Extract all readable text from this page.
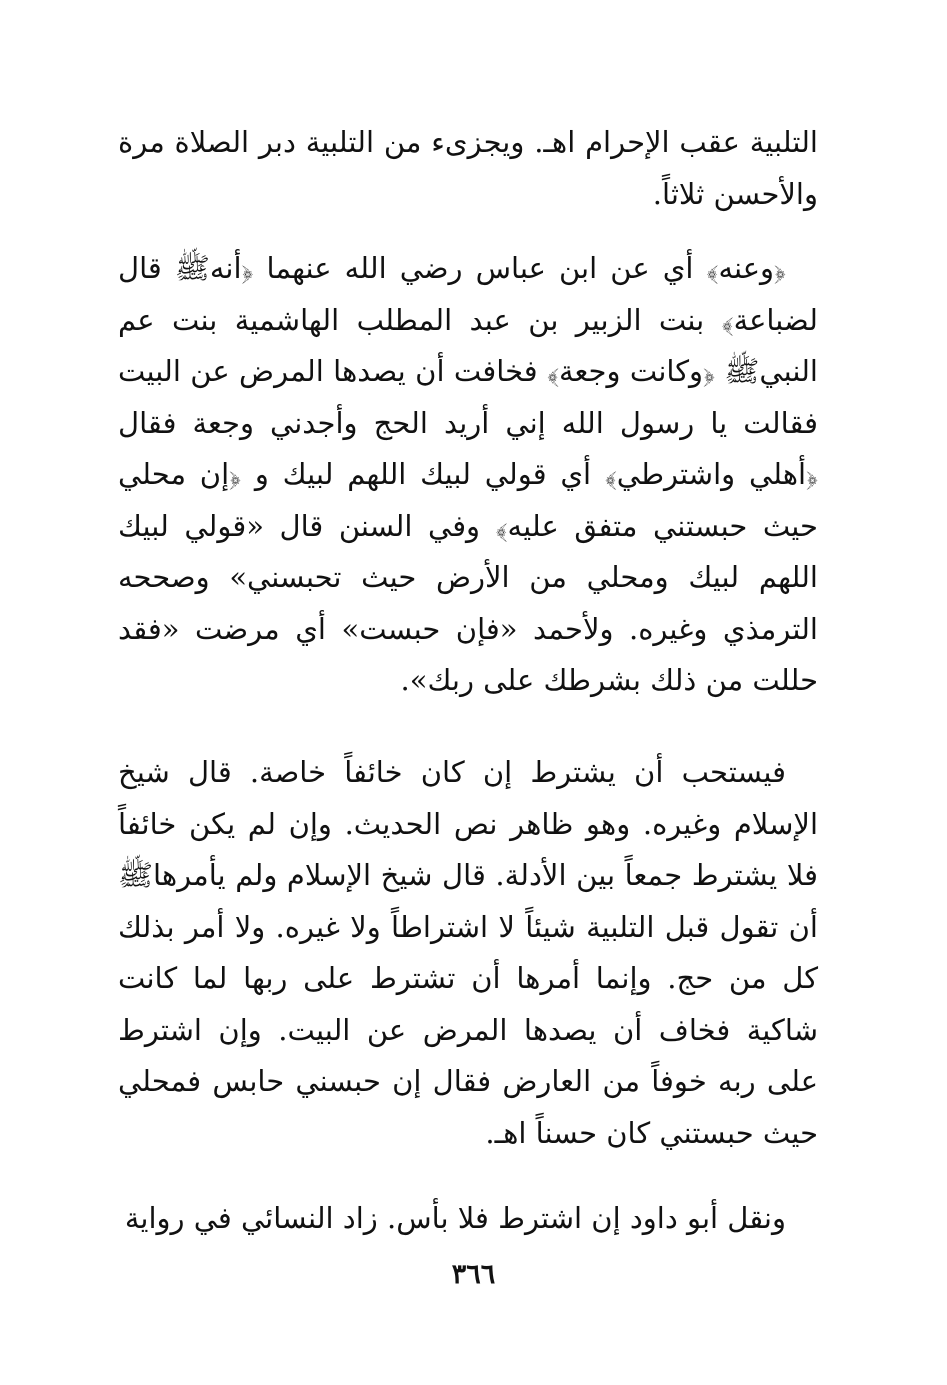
التلبية عقب الإحرام اهـ. ويجزىء من التلبية دبر الصلاة مرة والأحسن ثلاثاً.

﴿وعنه﴾ أي عن ابن عباس رضي الله عنهما ﴿أنهﷺ قال لضباعة﴾ بنت الزبير بن عبد المطلب الهاشمية بنت عم النبيﷺ ﴿وكانت وجعة﴾ فخافت أن يصدها المرض عن البيت فقالت يا رسول الله إني أريد الحج وأجدني وجعة فقال ﴿أهلي واشترطي﴾ أي قولي لبيك اللهم لبيك و ﴿إن محلي حيث حبستني متفق عليه﴾ وفي السنن قال «قولي لبيك اللهم لبيك ومحلي من الأرض حيث تحبسني» وصححه الترمذي وغيره. ولأحمد «فإن حبست» أي مرضت «فقد حللت من ذلك بشرطك على ربك».

فيستحب أن يشترط إن كان خائفاً خاصة. قال شيخ الإسلام وغيره. وهو ظاهر نص الحديث. وإن لم يكن خائفاً فلا يشترط جمعاً بين الأدلة. قال شيخ الإسلام ولم يأمرهاﷺ أن تقول قبل التلبية شيئاً لا اشتراطاً ولا غيره. ولا أمر بذلك كل من حج. وإنما أمرها أن تشترط على ربها لما كانت شاكية فخاف أن يصدها المرض عن البيت. وإن اشترط على ربه خوفاً من العارض فقال إن حبسني حابس فمحلي حيث حبستني كان حسناً اهـ.

ونقل أبو داود إن اشترط فلا بأس. زاد النسائي في رواية

٣٦٦
